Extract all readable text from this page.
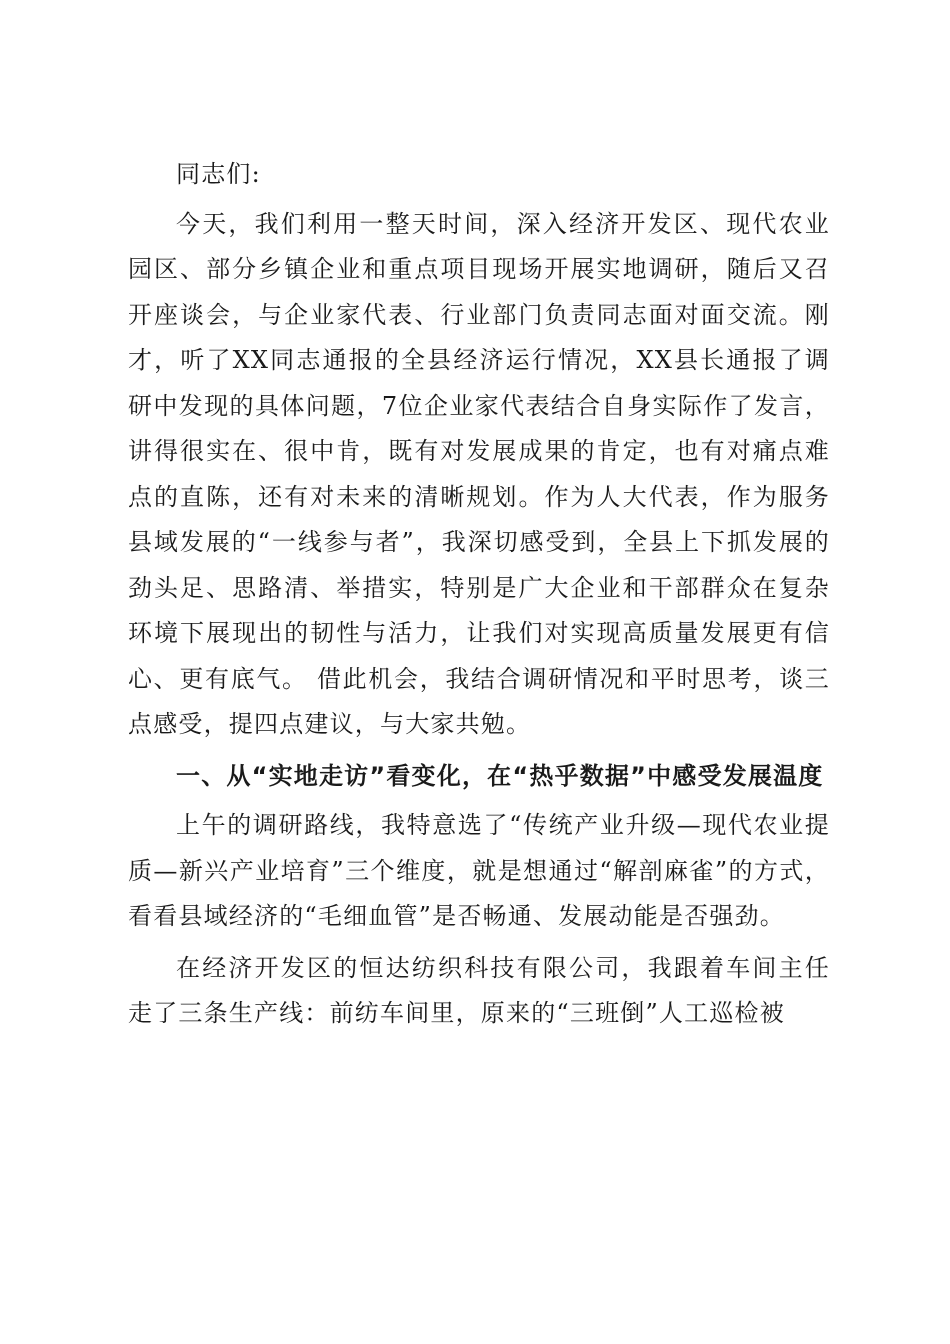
同志们:

今天，我们利用一整天时间，深入经济开发区、现代农业园区、部分乡镇企业和重点项目现场开展实地调研，随后又召开座谈会，与企业家代表、行业部门负责同志面对面交流。刚才，听了XX同志通报的全县经济运行情况，XX县长通报了调研中发现的具体问题，7位企业家代表结合自身实际作了发言，讲得很实在、很中肯，既有对发展成果的肯定，也有对痛点难点的直陈，还有对未来的清晰规划。作为人大代表，作为服务县域发展的“一线参与者”，我深切感受到，全县上下抓发展的劲头足、思路清、举措实，特别是广大企业和干部群众在复杂环境下展现出的韧性与活力，让我们对实现高质量发展更有信心、更有底气。 借此机会，我结合调研情况和平时思考，谈三点感受，提四点建议，与大家共勉。

一、从“实地走访”看变化，在“热乎数据”中感受发展温度

上午的调研路线，我特意选了“传统产业升级—现代农业提质—新兴产业培育”三个维度，就是想通过“解剖麻雀”的方式，看看县域经济的“毛细血管”是否畅通、发展动能是否强劲。

在经济开发区的恒达纺织科技有限公司，我跟着车间主任走了三条生产线：前纺车间里，原来的“三班倒”人工巡检被
